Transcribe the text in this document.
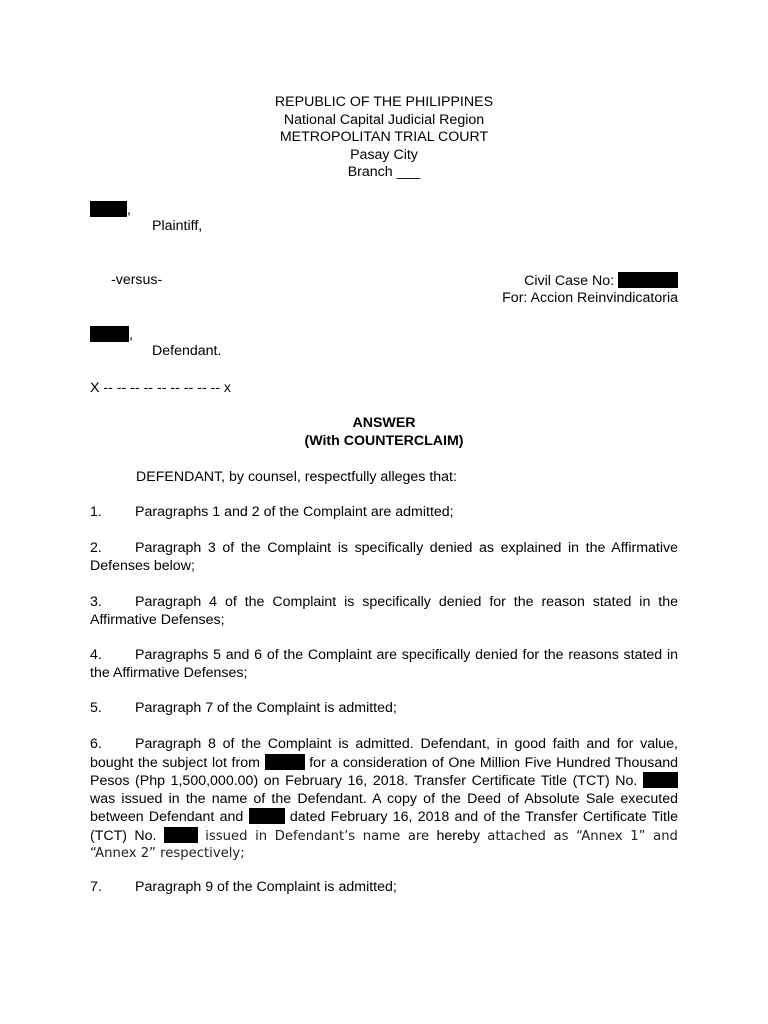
REPUBLIC OF THE PHILIPPINES
National Capital Judicial Region
METROPOLITAN TRIAL COURT
Pasay City
Branch ___
,
Plaintiff,
-versus-	Civil Case No:
For: Accion Reinvindicatoria
,
Defendant.
X -- -- -- -- -- -- -- -- -- x
ANSWER
(With COUNTERCLAIM)
DEFENDANT, by counsel, respectfully alleges that:

1. Paragraphs 1 and 2 of the Complaint are admitted;

2. Paragraph 3 of the Complaint is specifically denied as explained in the Affirmative Defenses below;

3. Paragraph 4 of the Complaint is specifically denied for the reason stated in the Affirmative Defenses;

4. Paragraphs 5 and 6 of the Complaint are specifically denied for the reasons stated in the Affirmative Defenses;

5. Paragraph 7 of the Complaint is admitted;

6. Paragraph 8 of the Complaint is admitted. Defendant, in good faith and for value, bought the subject lot from	for a consideration of One Million Five Hundred Thousand Pesos (Php 1,500,000.00) on February 16, 2018. Transfer Certificate Title (TCT) No.  was issued in the name of the Defendant. A copy of the Deed of Absolute Sale executed between Defendant and	dated February 16, 2018 and of the Transfer Certificate Title (TCT) No.	issued in Defendant’s name are hereby attached as “Annex 1” and “Annex 2” respectively;

7. Paragraph 9 of the Complaint is admitted;
